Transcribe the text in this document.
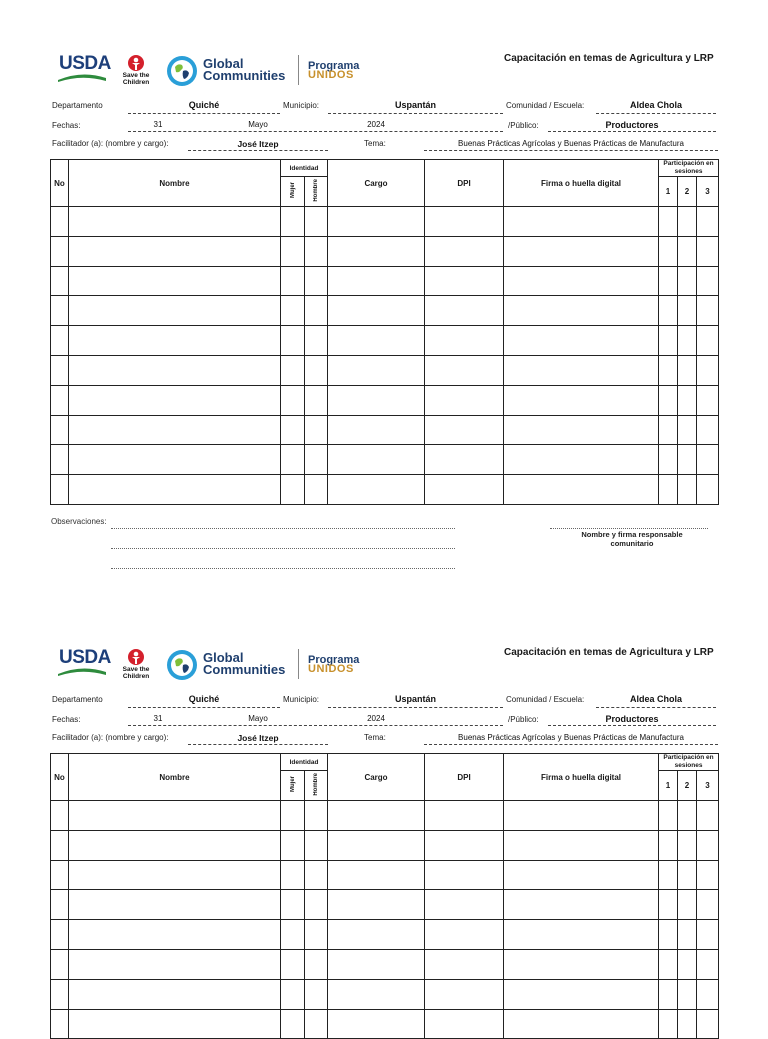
USDA
Save the Children
Global
Communities
Programa
UNIDOS
Capacitación en temas de Agricultura y LRP
Departamento	Quiché	Municipio:	Uspantán	Comunidad / Escuela:	Aldea Chola
Fechas:	31	Mayo	2024	/Público:	Productores
Facilitador (a): (nombre y cargo):	José Itzep	Tema:	Buenas Prácticas Agrícolas y Buenas Prácticas de Manufactura
No	Nombre	Identidad		Cargo	DPI	Firma o huella digital	Participación en sesiones		
		Mujer	Hombre				1	2	3

Observaciones:
Nombre y firma responsable comunitario
USDA
Save the Children
Global
Communities
Programa
UNIDOS
Capacitación en temas de Agricultura y LRP
Departamento	Quiché	Municipio:	Uspantán	Comunidad / Escuela:	Aldea Chola
Fechas:	31	Mayo	2024	/Público:	Productores
Facilitador (a): (nombre y cargo):	José Itzep	Tema:	Buenas Prácticas Agrícolas y Buenas Prácticas de Manufactura
No	Nombre	Identidad		Cargo	DPI	Firma o huella digital	Participación en sesiones		
		Mujer	Hombre				1	2	3
